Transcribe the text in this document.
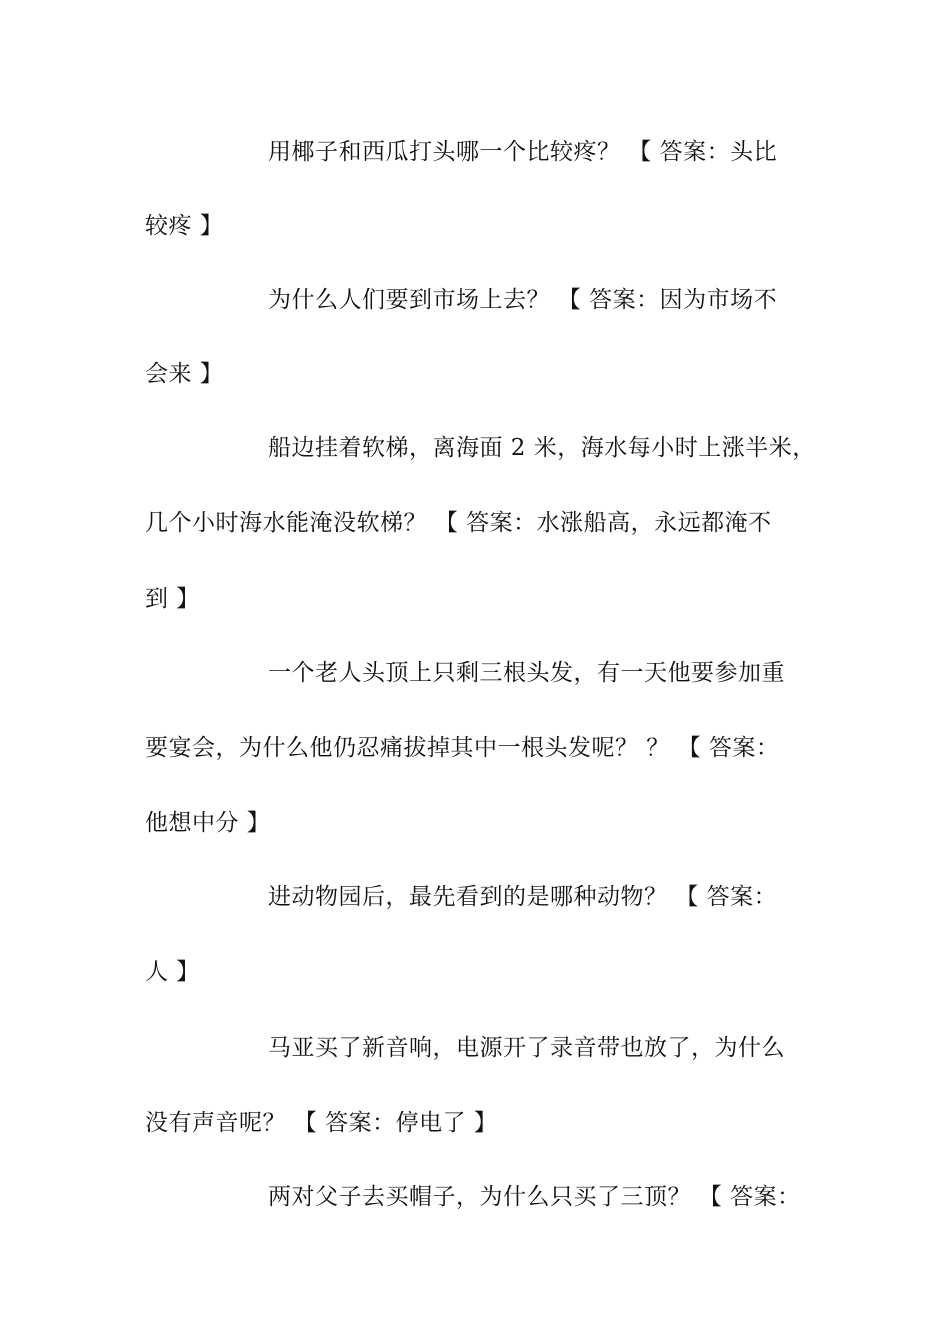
用椰子和西瓜打头哪一个比较疼？ 【 答案：头比
较疼 】
为什么人们要到市场上去？ 【 答案：因为市场不
会来 】
船边挂着软梯，离海面 2 米，海水每小时上涨半米，
几个小时海水能淹没软梯？ 【 答案：水涨船高，永远都淹不
到 】
一个老人头顶上只剩三根头发，有一天他要参加重
要宴会，为什么他仍忍痛拔掉其中一根头发呢？ ？ 【 答案：
他想中分 】
进动物园后，最先看到的是哪种动物？ 【 答案：
人 】
马亚买了新音响，电源开了录音带也放了，为什么
没有声音呢？ 【 答案：停电了 】
两对父子去买帽子，为什么只买了三顶？ 【 答案：
